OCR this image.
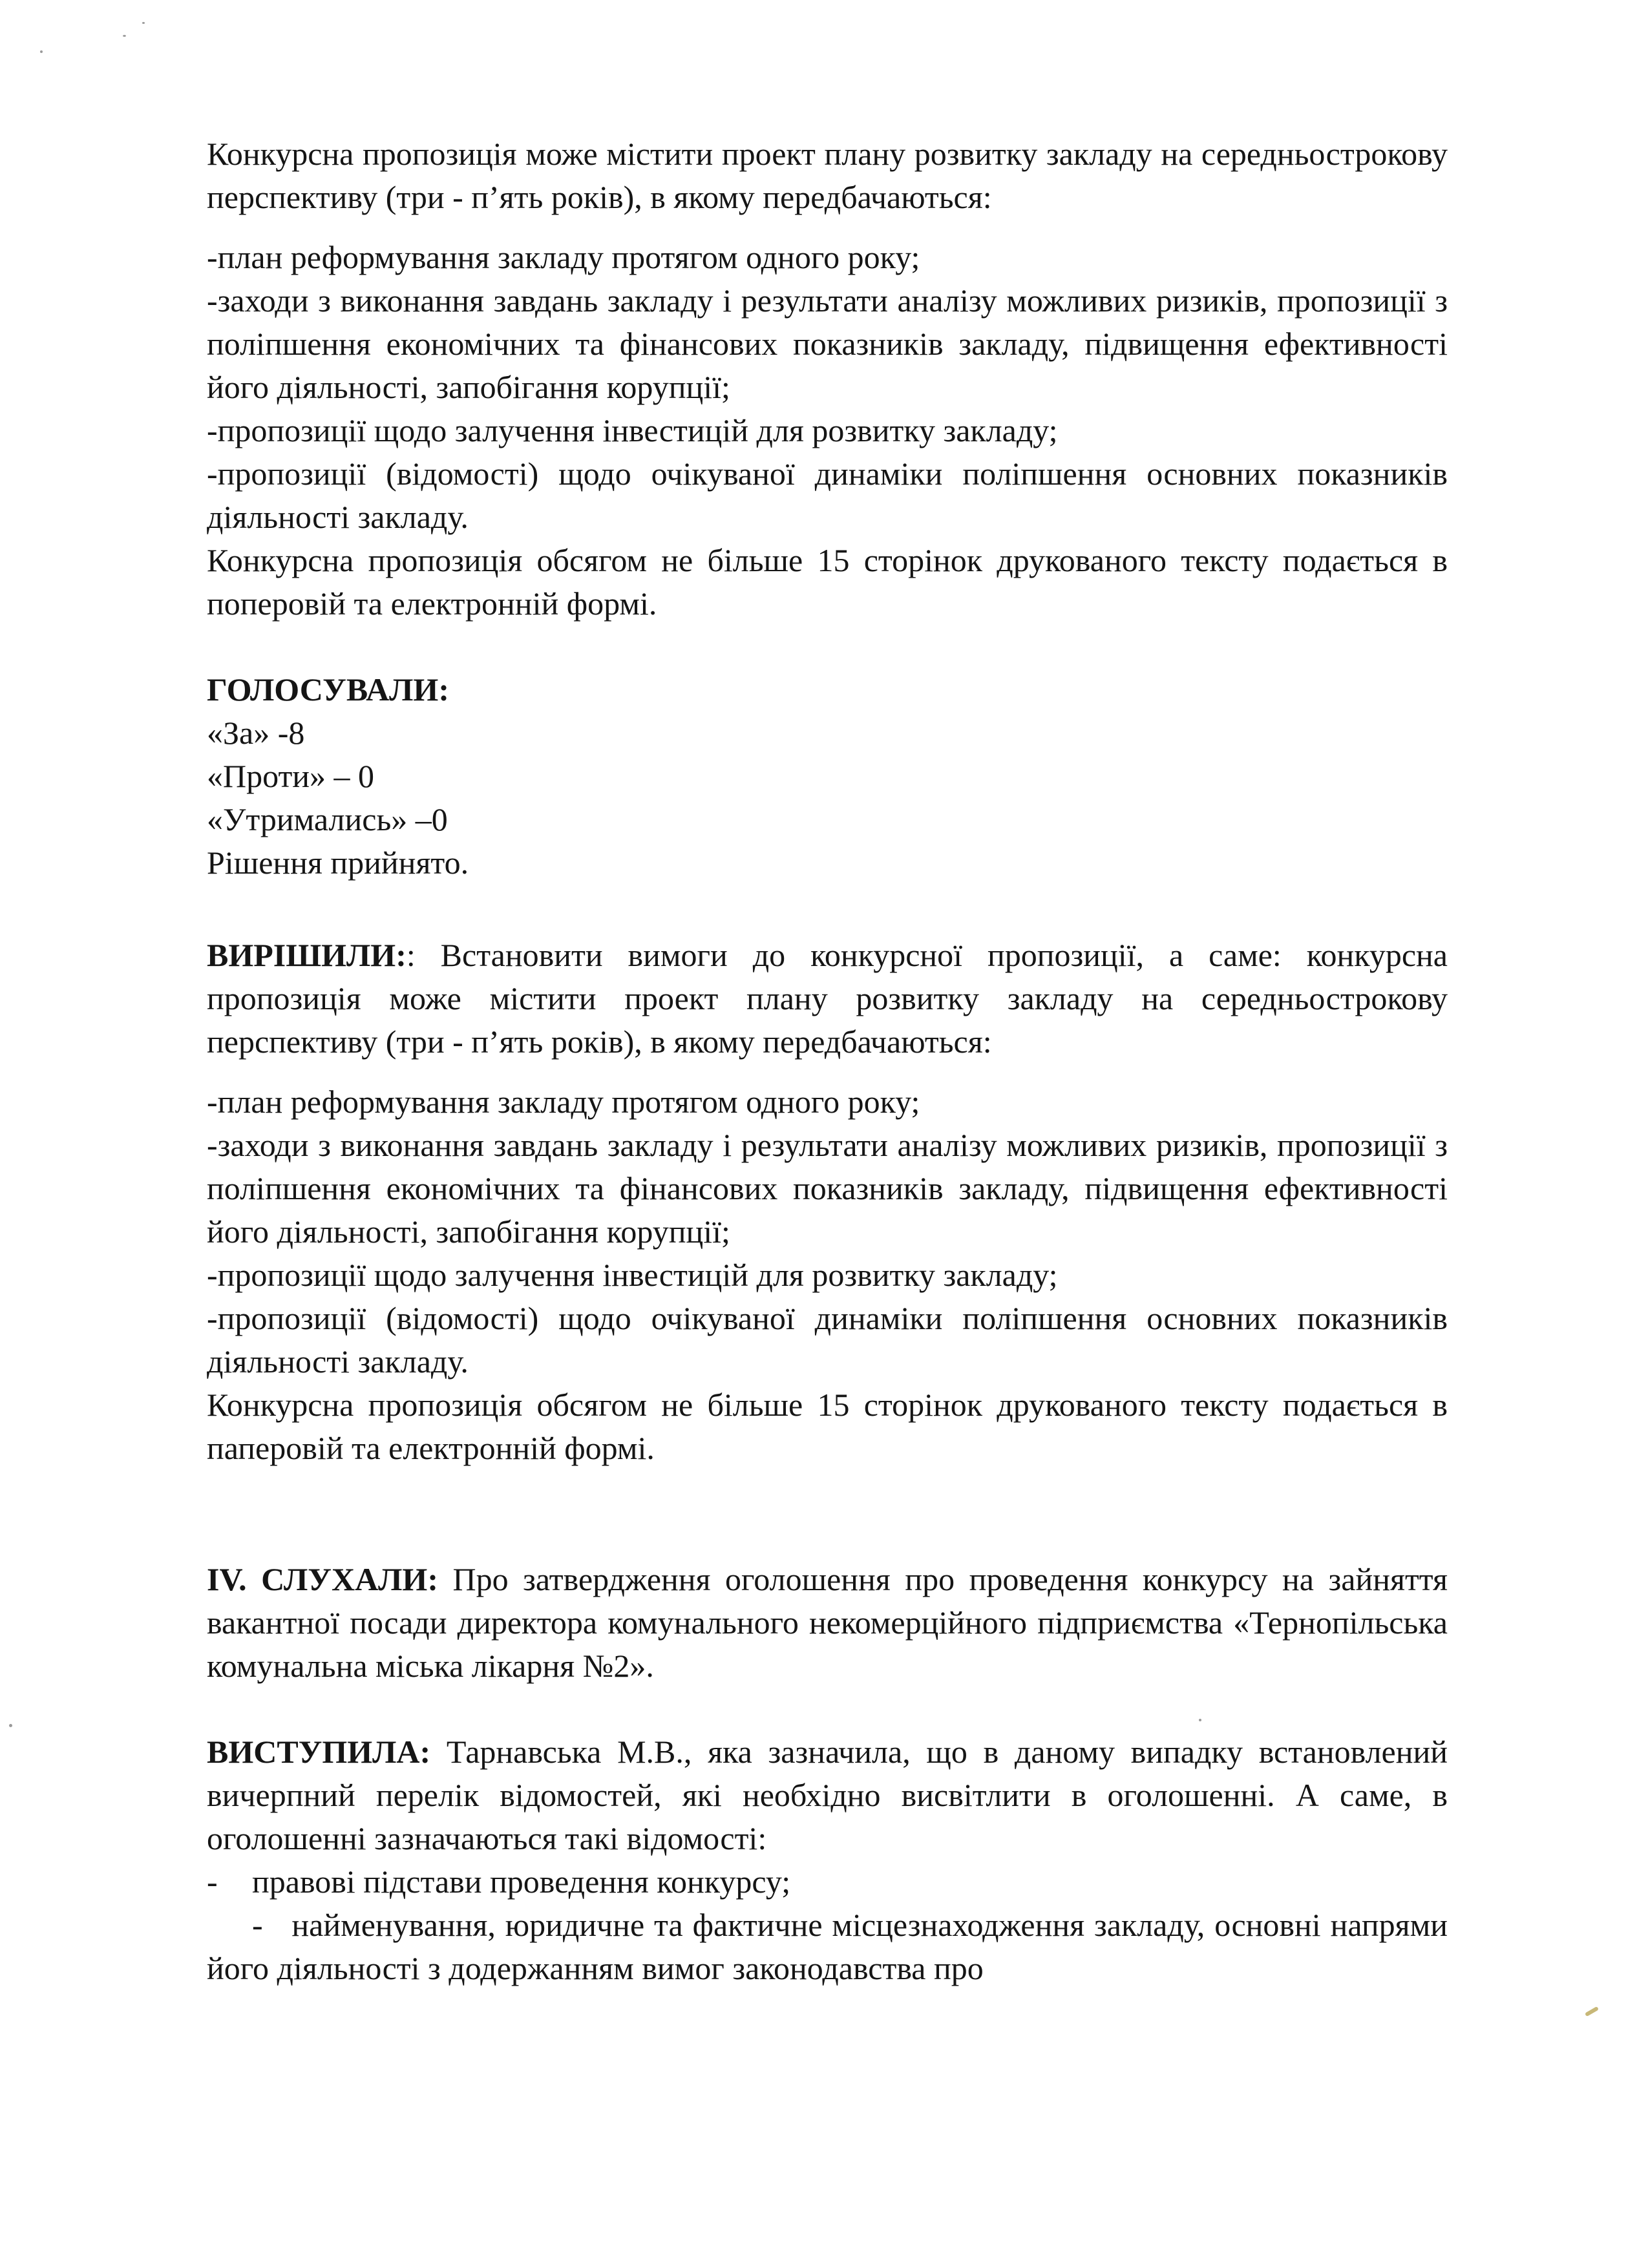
Конкурсна пропозиція може містити проект плану розвитку закладу на середньострокову перспективу (три - п’ять років), в якому передбачаються:

-план реформування закладу протягом одного року;

-заходи з виконання завдань закладу і результати аналізу можливих ризиків, пропозиції з поліпшення економічних та фінансових показників закладу, підвищення ефективності його діяльності, запобігання корупції;

-пропозиції щодо залучення інвестицій для розвитку закладу;

-пропозиції (відомості) щодо очікуваної динаміки поліпшення основних показників діяльності закладу.

Конкурсна пропозиція обсягом не більше 15 сторінок друкованого тексту подається в поперовій та електронній формі.

ГОЛОСУВАЛИ:

«За» -8

«Проти» – 0

«Утримались» –0

Рішення прийнято.

ВИРІШИЛИ:: Встановити вимоги до конкурсної пропозиції, а саме: конкурсна пропозиція може містити проект плану розвитку закладу на середньострокову перспективу (три - п’ять років), в якому передбачаються:

-план реформування закладу протягом одного року;

-заходи з виконання завдань закладу і результати аналізу можливих ризиків, пропозиції з поліпшення економічних та фінансових показників закладу, підвищення ефективності його діяльності, запобігання корупції;

-пропозиції щодо залучення інвестицій для розвитку закладу;

-пропозиції (відомості) щодо очікуваної динаміки поліпшення основних показників діяльності закладу.

Конкурсна пропозиція обсягом не більше 15 сторінок друкованого тексту подається в паперовій та електронній формі.

IV. СЛУХАЛИ: Про затвердження оголошення про проведення конкурсу на зайняття вакантної посади директора комунального некомерційного підприємства «Тернопільська комунальна міська лікарня №2».

ВИСТУПИЛА: Тарнавська М.В., яка зазначила, що в даному випадку встановлений вичерпний перелік відомостей, які необхідно висвітлити в оголошенні. А саме, в оголошенні зазначаються такі відомості:

- правові підстави проведення конкурсу;

- найменування, юридичне та фактичне місцезнаходження закладу, основні напрями його діяльності з додержанням вимог законодавства про
